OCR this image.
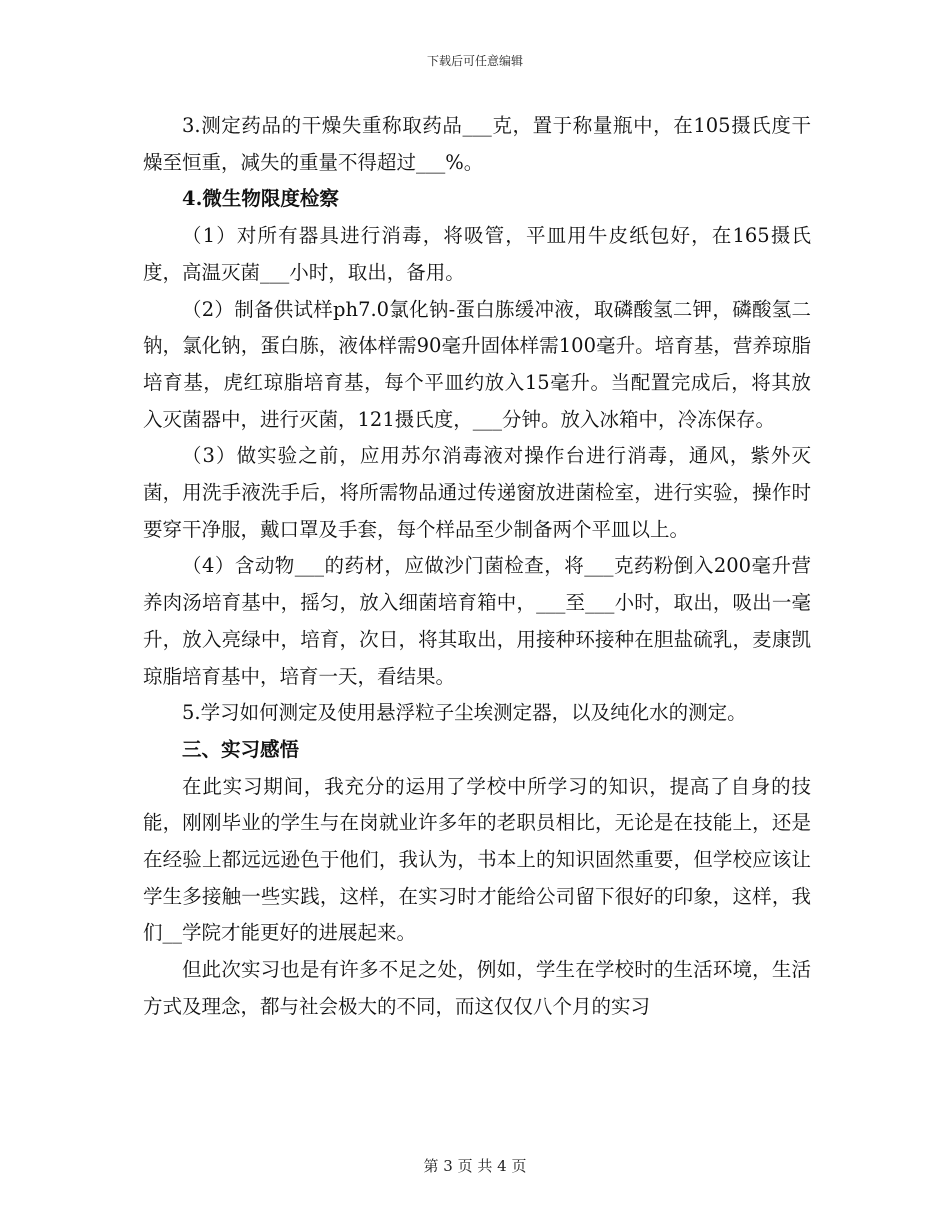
下载后可任意编辑

3.测定药品的干燥失重称取药品___克，置于称量瓶中，在105摄氏度干燥至恒重，减失的重量不得超过___%。

4.微生物限度检察

（1）对所有器具进行消毒，将吸管，平皿用牛皮纸包好，在165摄氏度，高温灭菌___小时，取出，备用。

（2）制备供试样ph7.0氯化钠-蛋白胨缓冲液，取磷酸氢二钾，磷酸氢二钠，氯化钠，蛋白胨，液体样需90毫升固体样需100毫升。培育基，营养琼脂培育基，虎红琼脂培育基，每个平皿约放入15毫升。当配置完成后，将其放入灭菌器中，进行灭菌，121摄氏度，___分钟。放入冰箱中，冷冻保存。

（3）做实验之前，应用苏尔消毒液对操作台进行消毒，通风，紫外灭菌，用洗手液洗手后，将所需物品通过传递窗放进菌检室，进行实验，操作时要穿干净服，戴口罩及手套，每个样品至少制备两个平皿以上。

（4）含动物___的药材，应做沙门菌检查，将___克药粉倒入200毫升营养肉汤培育基中，摇匀，放入细菌培育箱中，___至___小时，取出，吸出一毫升，放入亮绿中，培育，次日，将其取出，用接种环接种在胆盐硫乳，麦康凯琼脂培育基中，培育一天，看结果。

5.学习如何测定及使用悬浮粒子尘埃测定器，以及纯化水的测定。

三、实习感悟

在此实习期间，我充分的运用了学校中所学习的知识，提高了自身的技能，刚刚毕业的学生与在岗就业许多年的老职员相比，无论是在技能上，还是在经验上都远远逊色于他们，我认为，书本上的知识固然重要，但学校应该让学生多接触一些实践，这样，在实习时才能给公司留下很好的印象，这样，我们__学院才能更好的进展起来。

但此次实习也是有许多不足之处，例如，学生在学校时的生活环境，生活方式及理念，都与社会极大的不同，而这仅仅八个月的实习

第 3 页 共 4 页
